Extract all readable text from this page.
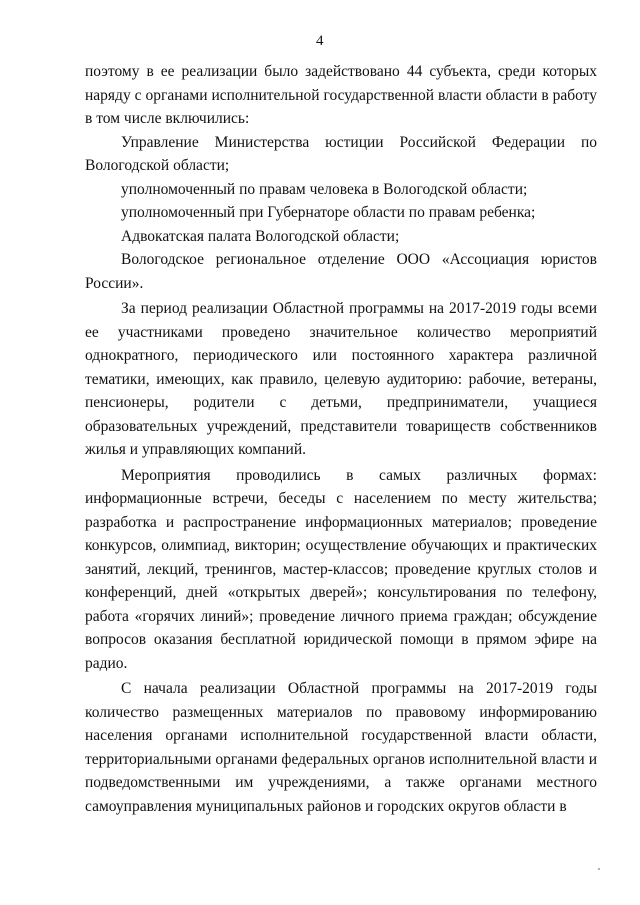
4

поэтому в ее реализации было задействовано 44 субъекта, среди которых наряду с органами исполнительной государственной власти области в работу в том числе включились:

Управление Министерства юстиции Российской Федерации по Вологодской области;

уполномоченный по правам человека в Вологодской области;

уполномоченный при Губернаторе области по правам ребенка;

Адвокатская палата Вологодской области;

Вологодское региональное отделение ООО «Ассоциация юристов России».

За период реализации Областной программы на 2017-2019 годы всеми ее участниками проведено значительное количество мероприятий однократного, периодического или постоянного характера различной тематики, имеющих, как правило, целевую аудиторию: рабочие, ветераны, пенсионеры, родители с детьми, предприниматели, учащиеся образовательных учреждений, представители товариществ собственников жилья и управляющих компаний.

Мероприятия проводились в самых различных формах: информационные встречи, беседы с населением по месту жительства; разработка и распространение информационных материалов; проведение конкурсов, олимпиад, викторин; осуществление обучающих и практических занятий, лекций, тренингов, мастер-классов; проведение круглых столов и конференций, дней «открытых дверей»; консультирования по телефону, работа «горячих линий»; проведение личного приема граждан; обсуждение вопросов оказания бесплатной юридической помощи в прямом эфире на радио.

С начала реализации Областной программы на 2017-2019 годы количество размещенных материалов по правовому информированию населения органами исполнительной государственной власти области, территориальными органами федеральных органов исполнительной власти и подведомственными им учреждениями, а также органами местного самоуправления муниципальных районов и городских округов области в
